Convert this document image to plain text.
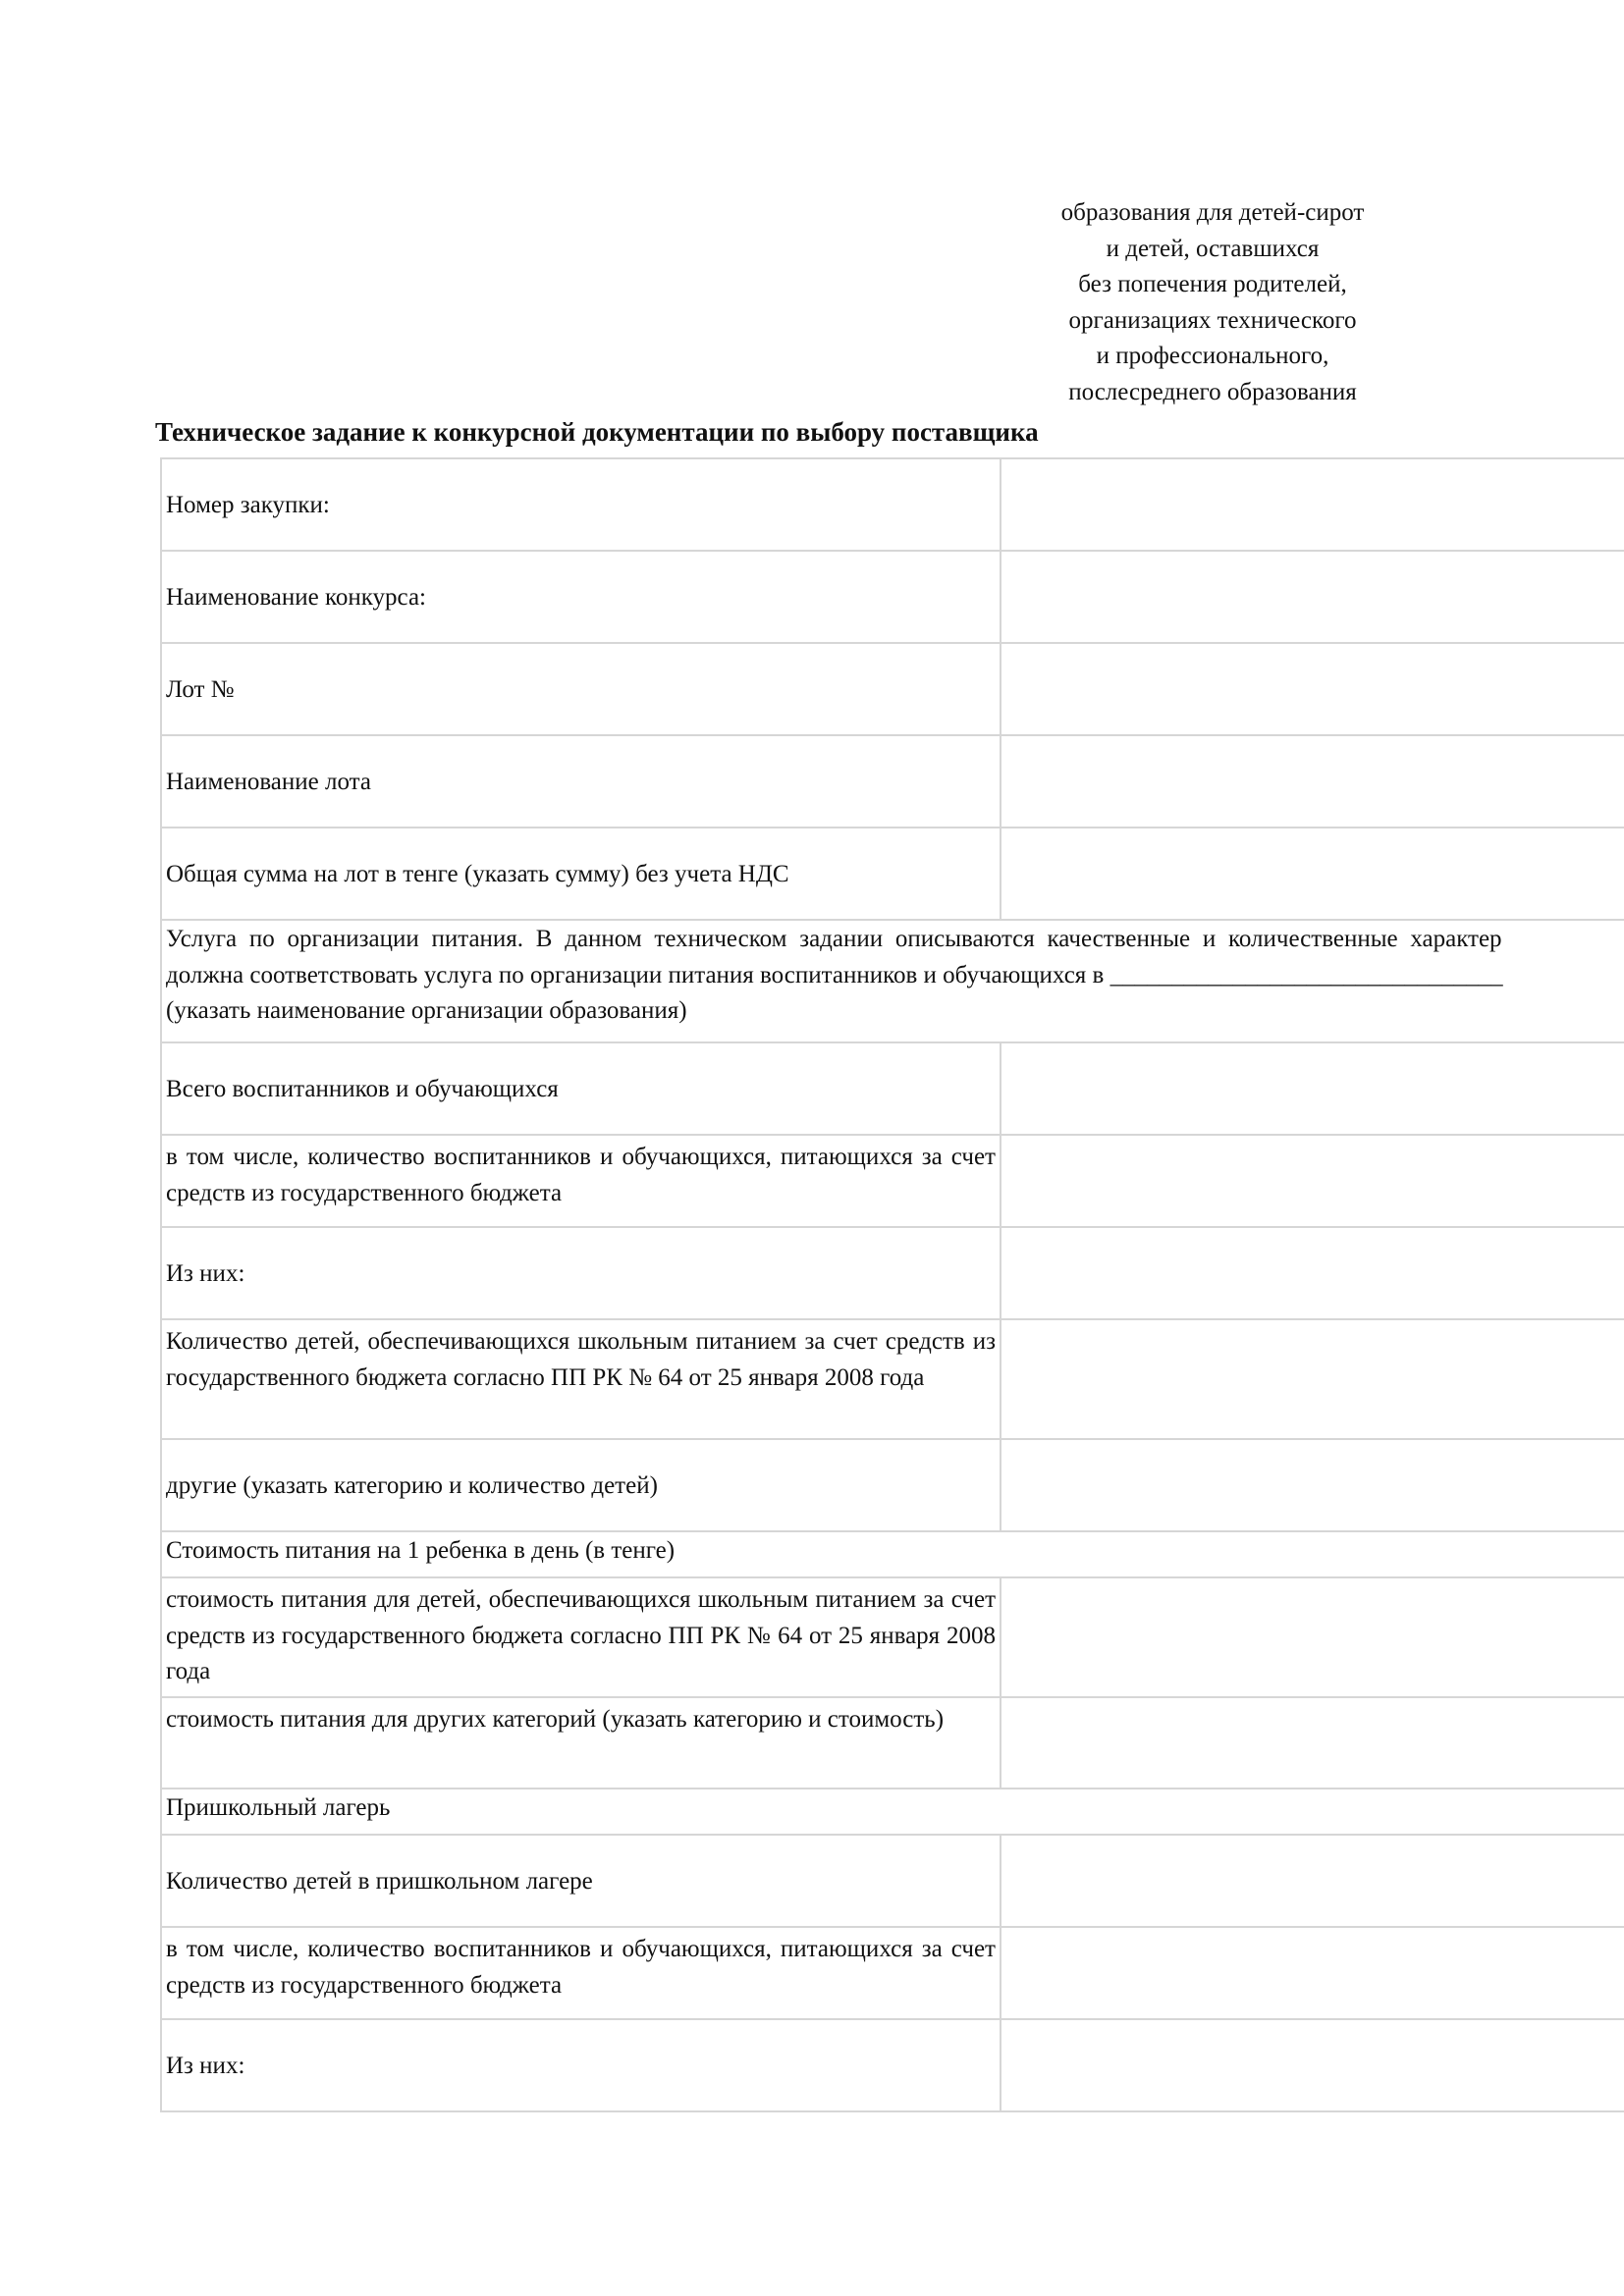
образования для детей-сирот
и детей, оставшихся
без попечения родителей,
организациях технического
и профессионального,
послесреднего образования
Техническое задание к конкурсной документации по выбору поставщика
Номер закупки:
Наименование конкурса:
Лот №
Наименование лота
Общая сумма на лот в тенге (указать сумму) без учета НДС
Услуга по организации питания. В данном техническом задании описываются качественные и количественные характер
должна соответствовать услуга по организации питания воспитанников и обучающихся в ________________________________
(указать наименование организации образования)
Всего воспитанников и обучающихся
в том числе, количество воспитанников и обучающихся, питающихся за счет средств из государственного бюджета
Из них:
Количество детей, обеспечивающихся школьным питанием за счет средств из государственного бюджета согласно ПП РК № 64 от 25 января 2008 года
другие (указать категорию и количество детей)
Стоимость питания на 1 ребенка в день (в тенге)
стоимость питания для детей, обеспечивающихся школьным питанием за счет средств из государственного бюджета согласно ПП РК № 64 от 25 января 2008 года
стоимость питания для других категорий (указать категорию и стоимость)
Пришкольный лагерь
Количество детей в пришкольном лагере
в том числе, количество воспитанников и обучающихся, питающихся за счет средств из государственного бюджета
Из них:
